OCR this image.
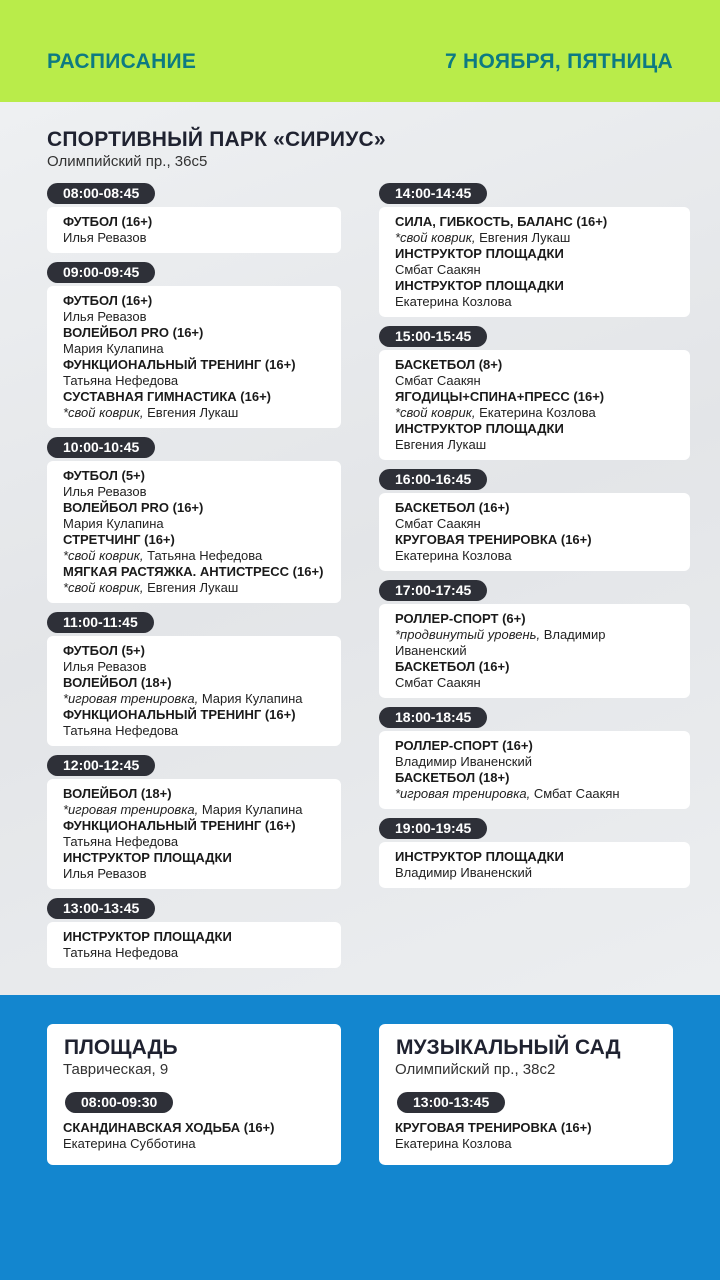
РАСПИСАНИЕ	7 НОЯБРЯ, ПЯТНИЦА
СПОРТИВНЫЙ ПАРК «СИРИУС»
Олимпийский пр., 36с5
08:00-08:45
ФУТБОЛ (16+)
Илья Ревазов
09:00-09:45
ФУТБОЛ (16+)
Илья Ревазов
ВОЛЕЙБОЛ PRO (16+)
Мария Кулапина
ФУНКЦИОНАЛЬНЫЙ ТРЕНИНГ (16+)
Татьяна Нефедова
СУСТАВНАЯ ГИМНАСТИКА (16+)
*свой коврик, Евгения Лукаш
10:00-10:45
ФУТБОЛ (5+)
Илья Ревазов
ВОЛЕЙБОЛ PRO (16+)
Мария Кулапина
СТРЕТЧИНГ (16+)
*свой коврик, Татьяна Нефедова
МЯГКАЯ РАСТЯЖКА. АНТИСТРЕСС (16+)
*свой коврик, Евгения Лукаш
11:00-11:45
ФУТБОЛ (5+)
Илья Ревазов
ВОЛЕЙБОЛ (18+)
*игровая тренировка, Мария Кулапина
ФУНКЦИОНАЛЬНЫЙ ТРЕНИНГ (16+)
Татьяна Нефедова
12:00-12:45
ВОЛЕЙБОЛ (18+)
*игровая тренировка, Мария Кулапина
ФУНКЦИОНАЛЬНЫЙ ТРЕНИНГ (16+)
Татьяна Нефедова
ИНСТРУКТОР ПЛОЩАДКИ
Илья Ревазов
13:00-13:45
ИНСТРУКТОР ПЛОЩАДКИ
Татьяна Нефедова
14:00-14:45
СИЛА, ГИБКОСТЬ, БАЛАНС (16+)
*свой коврик, Евгения Лукаш
ИНСТРУКТОР ПЛОЩАДКИ
Смбат Саакян
ИНСТРУКТОР ПЛОЩАДКИ
Екатерина Козлова
15:00-15:45
БАСКЕТБОЛ (8+)
Смбат Саакян
ЯГОДИЦЫ+СПИНА+ПРЕСС (16+)
*свой коврик, Екатерина Козлова
ИНСТРУКТОР ПЛОЩАДКИ
Евгения Лукаш
16:00-16:45
БАСКЕТБОЛ (16+)
Смбат Саакян
КРУГОВАЯ ТРЕНИРОВКА (16+)
Екатерина Козлова
17:00-17:45
РОЛЛЕР-СПОРТ (6+)
*продвинутый уровень, Владимир Иваненский
БАСКЕТБОЛ (16+)
Смбат Саакян
18:00-18:45
РОЛЛЕР-СПОРТ (16+)
Владимир Иваненский
БАСКЕТБОЛ (18+)
*игровая тренировка, Смбат Саакян
19:00-19:45
ИНСТРУКТОР ПЛОЩАДКИ
Владимир Иваненский
ПЛОЩАДЬ
Таврическая, 9
08:00-09:30
СКАНДИНАВСКАЯ ХОДЬБА (16+)
Екатерина Субботина
МУЗЫКАЛЬНЫЙ САД
Олимпийский пр., 38с2
13:00-13:45
КРУГОВАЯ ТРЕНИРОВКА (16+)
Екатерина Козлова
